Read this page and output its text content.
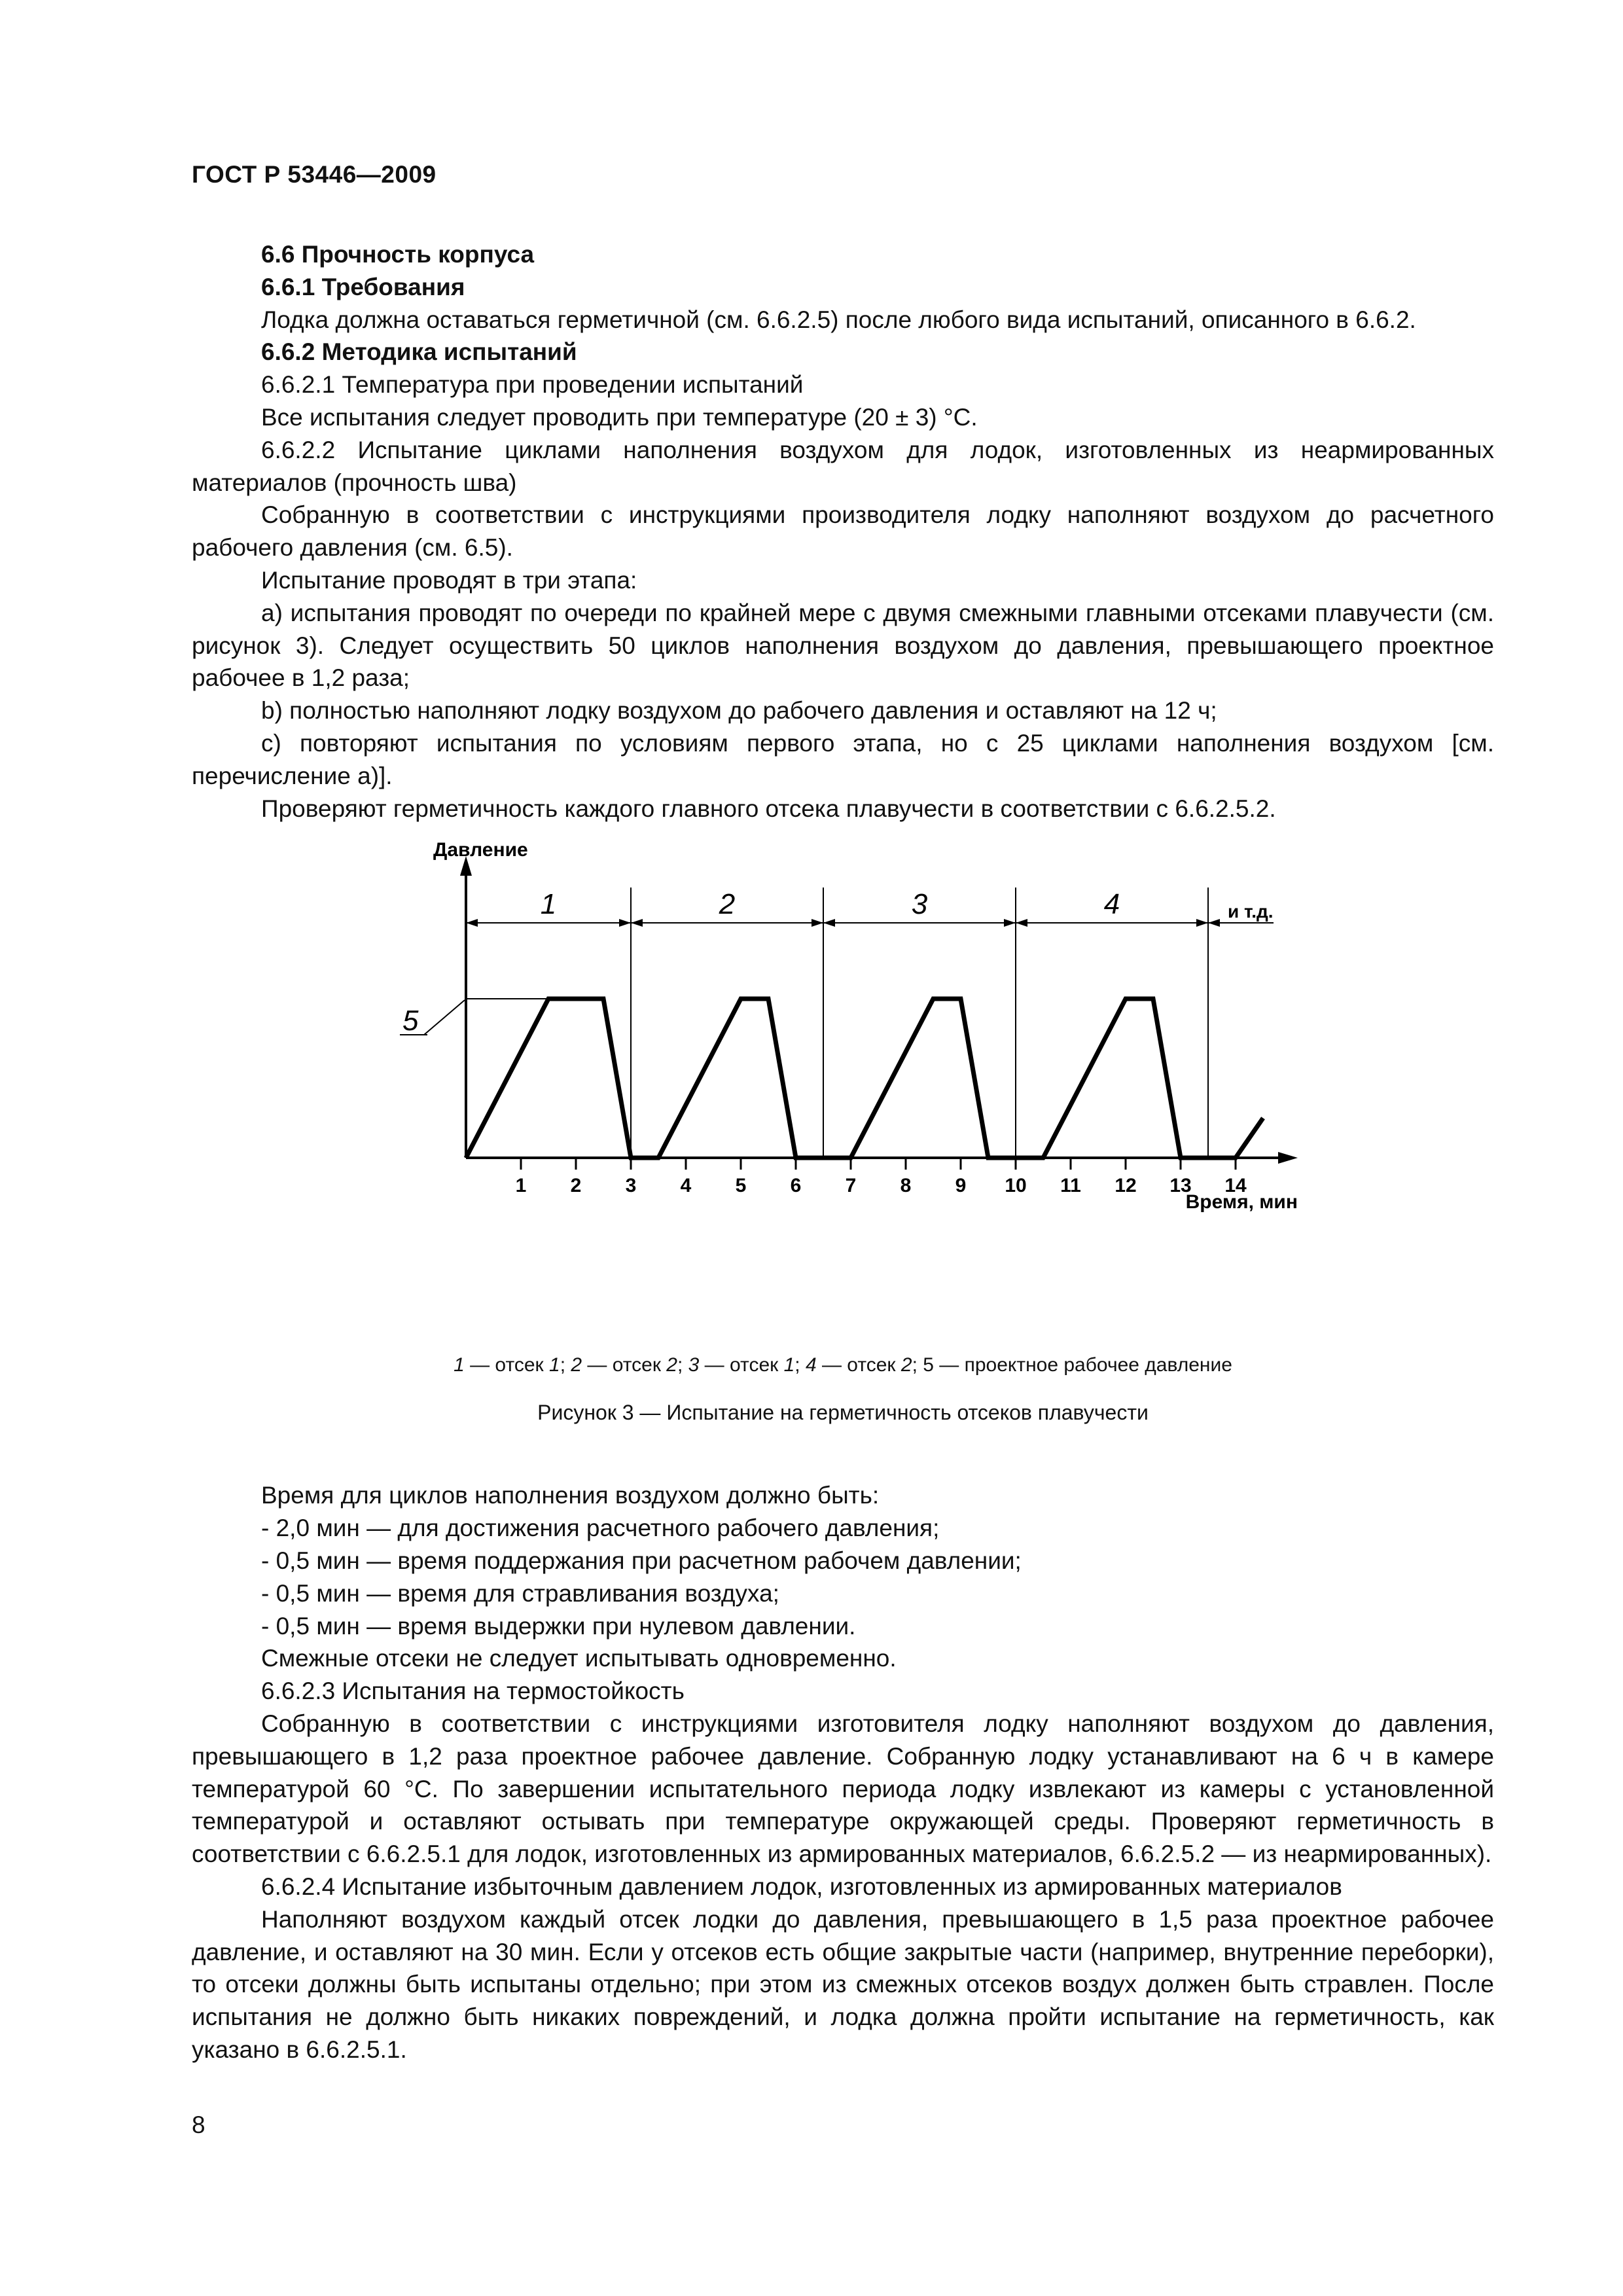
ГОСТ Р 53446—2009

6.6 Прочность корпуса

6.6.1 Требования

Лодка должна оставаться герметичной (см. 6.6.2.5) после любого вида испытаний, описанного в 6.6.2.

6.6.2 Методика испытаний

6.6.2.1 Температура при проведении испытаний

Все испытания следует проводить при температуре (20 ± 3) °С.

6.6.2.2 Испытание циклами наполнения воздухом для лодок, изготовленных из неармированных материалов (прочность шва)

Собранную в соответствии с инструкциями производителя лодку наполняют воздухом до расчетного рабочего давления (см. 6.5).

Испытание проводят в три этапа:

a) испытания проводят по очереди по крайней мере с двумя смежными главными отсеками плавучести (см. рисунок 3). Следует осуществить 50 циклов наполнения воздухом до давления, превышающего проектное рабочее в 1,2 раза;

b) полностью наполняют лодку воздухом до рабочего давления и оставляют на 12 ч;

с) повторяют испытания по условиям первого этапа, но с 25 циклами наполнения воздухом [см. перечисление а)].

Проверяют герметичность каждого главного отсека плавучести в соответствии с 6.6.2.5.2.

Давление
Время, мин
1 2 3 4 5 6 7 8 9 10 11 12 13 14
1	2	3	4	и т.д.
5

1 — отсек 1; 2 — отсек 2; 3 — отсек 1; 4 — отсек 2; 5 — проектное рабочее давление

Рисунок 3 — Испытание на герметичность отсеков плавучести

Время для циклов наполнения воздухом должно быть:

- 2,0 мин — для достижения расчетного рабочего давления;

- 0,5 мин — время поддержания при расчетном рабочем давлении;

- 0,5 мин — время для стравливания воздуха;

- 0,5 мин — время выдержки при нулевом давлении.

Смежные отсеки не следует испытывать одновременно.

6.6.2.3 Испытания на термостойкость

Собранную в соответствии с инструкциями изготовителя лодку наполняют воздухом до давления, превышающего в 1,2 раза проектное рабочее давление. Собранную лодку устанавливают на 6 ч в камере температурой 60 °С. По завершении испытательного периода лодку извлекают из камеры с установленной температурой и оставляют остывать при температуре окружающей среды. Проверяют герметичность в соответствии с 6.6.2.5.1 для лодок, изготовленных из армированных материалов, 6.6.2.5.2 — из неармированных).

6.6.2.4 Испытание избыточным давлением лодок, изготовленных из армированных материалов

Наполняют воздухом каждый отсек лодки до давления, превышающего в 1,5 раза проектное рабочее давление, и оставляют на 30 мин. Если у отсеков есть общие закрытые части (например, внутренние переборки), то отсеки должны быть испытаны отдельно; при этом из смежных отсеков воздух должен быть стравлен. После испытания не должно быть никаких повреждений, и лодка должна пройти испытание на герметичность, как указано в 6.6.2.5.1.

8
